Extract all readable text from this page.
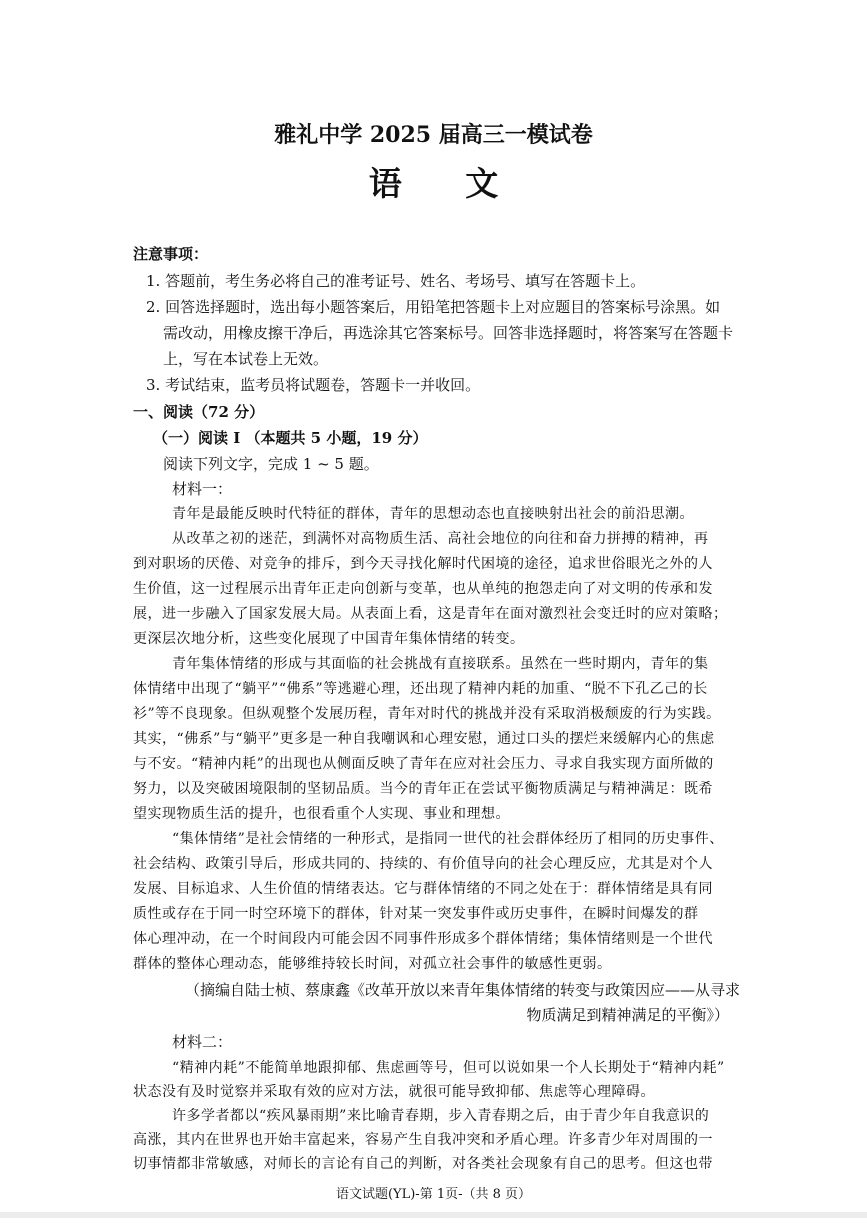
雅礼中学 2025 届高三一模试卷
语 文
注意事项：
1. 答题前，考生务必将自己的准考证号、姓名、考场号、填写在答题卡上。
2. 回答选择题时，选出每小题答案后，用铅笔把答题卡上对应题目的答案标号涂黑。如
需改动，用橡皮擦干净后，再选涂其它答案标号。回答非选择题时，将答案写在答题卡
上，写在本试卷上无效。
3. 考试结束，监考员将试题卷，答题卡一并收回。
一、阅读（72 分）
（一）阅读 I （本题共 5 小题，19 分）
阅读下列文字，完成 1 ~ 5 题。
材料一：
青年是最能反映时代特征的群体，青年的思想动态也直接映射出社会的前沿思潮。
从改革之初的迷茫，到满怀对高物质生活、高社会地位的向往和奋力拼搏的精神，再
到对职场的厌倦、对竞争的排斥，到今天寻找化解时代困境的途径，追求世俗眼光之外的人
生价值，这一过程展示出青年正走向创新与变革，也从单纯的抱怨走向了对文明的传承和发
展，进一步融入了国家发展大局。从表面上看，这是青年在面对激烈社会变迁时的应对策略；
更深层次地分析，这些变化展现了中国青年集体情绪的转变。
青年集体情绪的形成与其面临的社会挑战有直接联系。虽然在一些时期内，青年的集
体情绪中出现了“躺平”“佛系”等逃避心理，还出现了精神内耗的加重、“脱不下孔乙己的长
衫”等不良现象。但纵观整个发展历程，青年对时代的挑战并没有采取消极颓废的行为实践。
其实，“佛系”与“躺平”更多是一种自我嘲讽和心理安慰，通过口头的摆烂来缓解内心的焦虑
与不安。“精神内耗”的出现也从侧面反映了青年在应对社会压力、寻求自我实现方面所做的
努力，以及突破困境限制的坚韧品质。当今的青年正在尝试平衡物质满足与精神满足：既希
望实现物质生活的提升，也很看重个人实现、事业和理想。
“集体情绪”是社会情绪的一种形式，是指同一世代的社会群体经历了相同的历史事件、
社会结构、政策引导后，形成共同的、持续的、有价值导向的社会心理反应，尤其是对个人
发展、目标追求、人生价值的情绪表达。它与群体情绪的不同之处在于：群体情绪是具有同
质性或存在于同一时空环境下的群体，针对某一突发事件或历史事件，在瞬时间爆发的群
体心理冲动，在一个时间段内可能会因不同事件形成多个群体情绪；集体情绪则是一个世代
群体的整体心理动态，能够维持较长时间，对孤立社会事件的敏感性更弱。
（摘编自陆士桢、蔡康鑫《改革开放以来青年集体情绪的转变与政策因应——从寻求
物质满足到精神满足的平衡》）
材料二：
“精神内耗”不能简单地跟抑郁、焦虑画等号，但可以说如果一个人长期处于“精神内耗”
状态没有及时觉察并采取有效的应对方法，就很可能导致抑郁、焦虑等心理障碍。
许多学者都以“疾风暴雨期”来比喻青春期，步入青春期之后，由于青少年自我意识的
高涨，其内在世界也开始丰富起来，容易产生自我冲突和矛盾心理。许多青少年对周围的一
切事情都非常敏感，对师长的言论有自己的判断，对各类社会现象有自己的思考。但这也带
语文试题(YL)-第 1页-（共 8 页）
